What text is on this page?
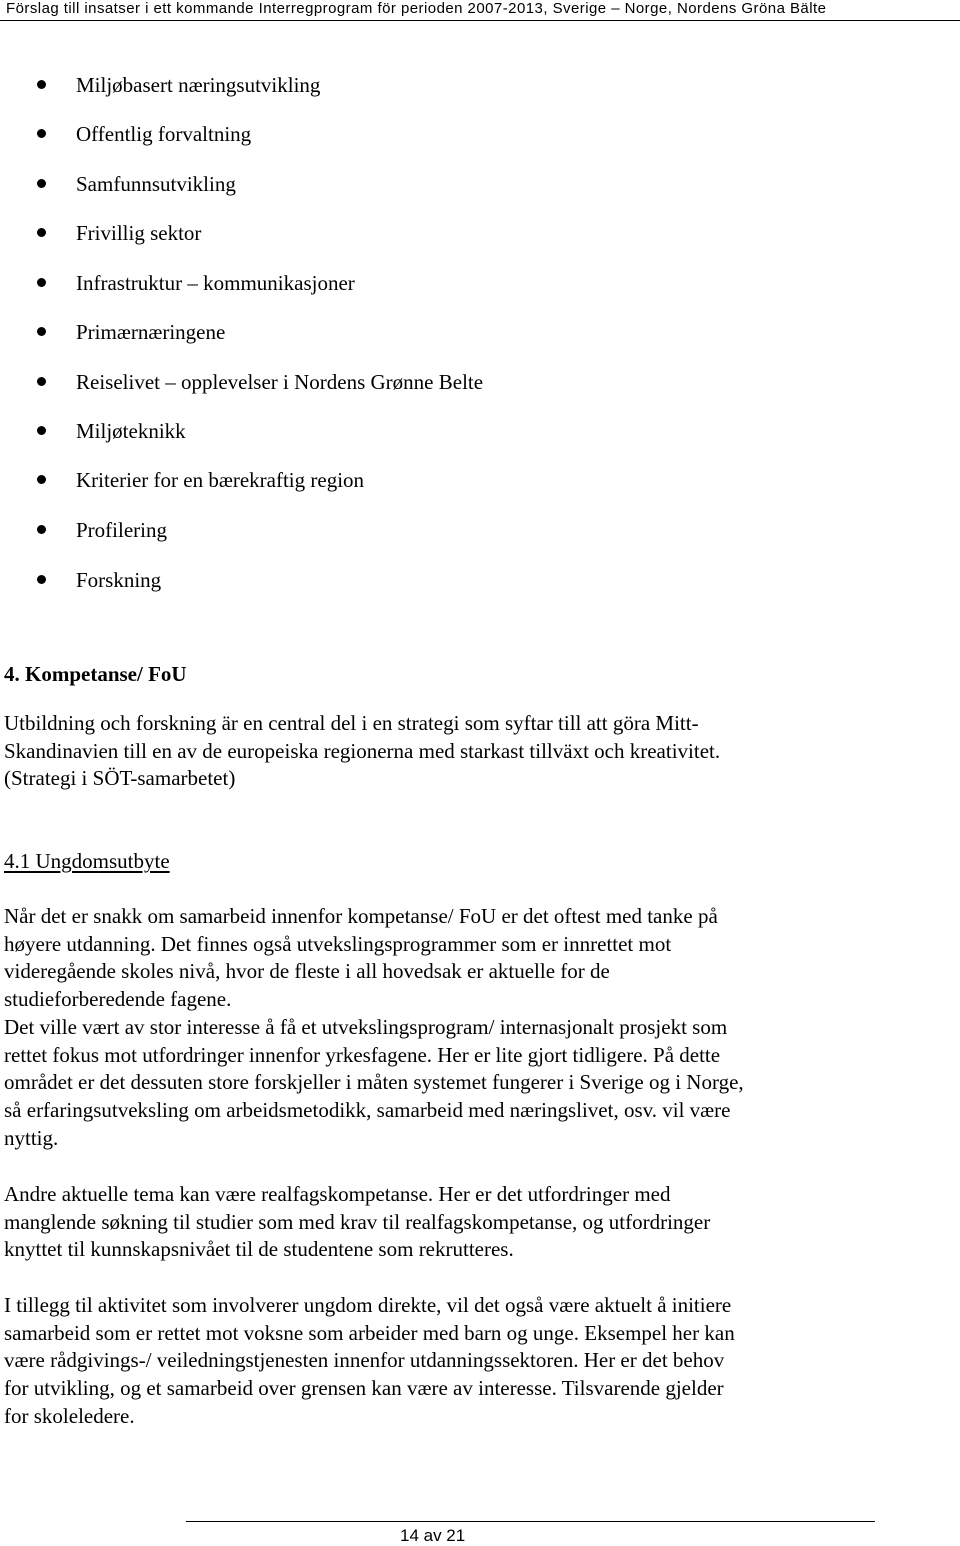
Förslag till insatser i ett kommande Interregprogram för perioden 2007-2013, Sverige – Norge, Nordens Gröna Bälte
Miljøbasert næringsutvikling
Offentlig forvaltning
Samfunnsutvikling
Frivillig sektor
Infrastruktur – kommunikasjoner
Primærnæringene
Reiselivet – opplevelser i Nordens Grønne Belte
Miljøteknikk
Kriterier for en bærekraftig region
Profilering
Forskning
4. Kompetanse/ FoU
Utbildning och forskning är en central del i en strategi som syftar till att göra Mitt-
Skandinavien till en av de europeiska regionerna med starkast tillväxt och kreativitet.
(Strategi i SÖT-samarbetet)
4.1 Ungdomsutbyte
Når det er snakk om samarbeid innenfor kompetanse/ FoU er det oftest med tanke på
høyere utdanning. Det finnes også utvekslingsprogrammer som er innrettet mot
videregående skoles nivå, hvor de fleste i all hovedsak er aktuelle for de
studieforberedende fagene.
Det ville vært av stor interesse å få et utvekslingsprogram/ internasjonalt prosjekt som
rettet fokus mot utfordringer innenfor yrkesfagene. Her er lite gjort tidligere. På dette
området er det dessuten store forskjeller i måten systemet fungerer i Sverige og i Norge,
så erfaringsutveksling om arbeidsmetodikk, samarbeid med næringslivet, osv. vil være
nyttig.
Andre aktuelle tema kan være realfagskompetanse. Her er det utfordringer med
manglende søkning til studier som med krav til realfagskompetanse, og utfordringer
knyttet til kunnskapsnivået til de studentene som rekrutteres.
I tillegg til aktivitet som involverer ungdom direkte, vil det også være aktuelt å initiere
samarbeid som er rettet mot voksne som arbeider med barn og unge. Eksempel her kan
være rådgivings-/ veiledningstjenesten innenfor utdanningssektoren. Her er det behov
for utvikling, og et samarbeid over grensen kan være av interesse. Tilsvarende gjelder
for skoleledere.
14 av 21
